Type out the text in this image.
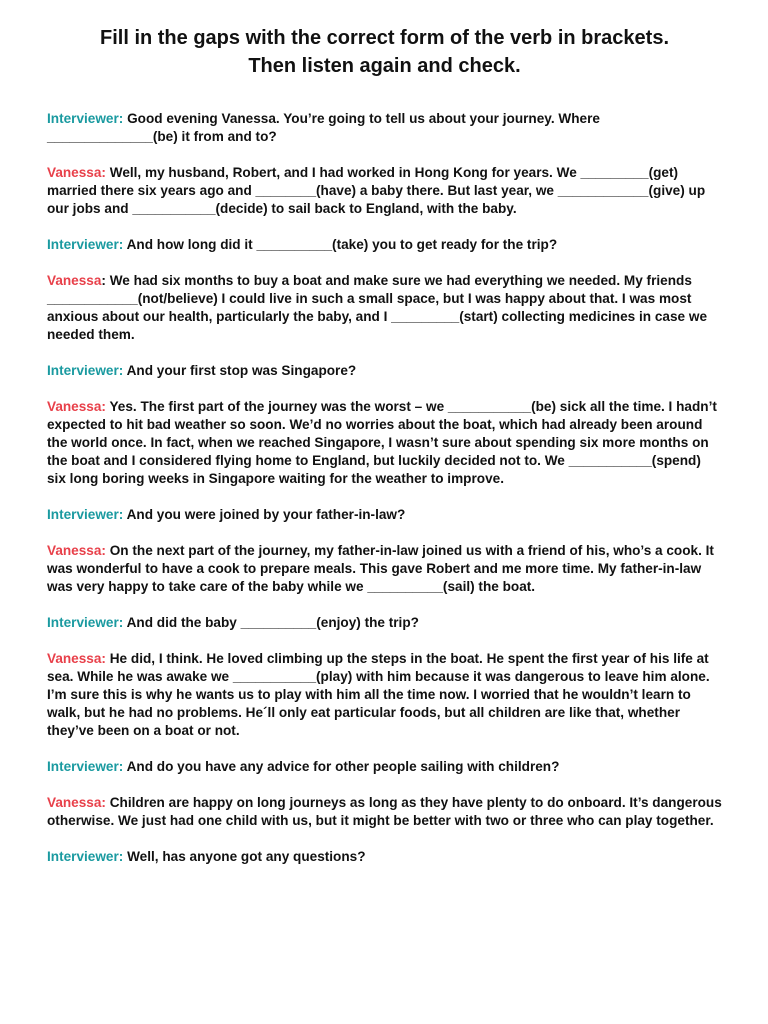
Fill in the gaps with the correct form of the verb in brackets. Then listen again and check.

Interviewer: Good evening Vanessa. You’re going to tell us about your journey. Where ______________(be) it from and to?

Vanessa: Well, my husband, Robert, and I had worked in Hong Kong for years. We _________(get) married there six years ago and ________(have) a baby there. But last year, we ____________(give) up our jobs and ___________(decide) to sail back to England, with the baby.

Interviewer: And how long did it __________(take) you to get ready for the trip?

Vanessa: We had six months to buy a boat and make sure we had everything we needed. My friends ____________(not/believe) I could live in such a small space, but I was happy about that. I was most anxious about our health, particularly the baby, and I _________(start) collecting medicines in case we needed them.

Interviewer: And your first stop was Singapore?

Vanessa: Yes. The first part of the journey was the worst – we ___________(be) sick all the time. I hadn’t expected to hit bad weather so soon. We’d no worries about the boat, which had already been around the world once. In fact, when we reached Singapore, I wasn’t sure about spending six more months on the boat and I considered flying home to England, but luckily decided not to. We ___________(spend) six long boring weeks in Singapore waiting for the weather to improve.

Interviewer: And you were joined by your father-in-law?

Vanessa: On the next part of the journey, my father-in-law joined us with a friend of his, who’s a cook. It was wonderful to have a cook to prepare meals. This gave Robert and me more time. My father-in-law was very happy to take care of the baby while we __________(sail) the boat.

Interviewer: And did the baby __________(enjoy) the trip?

Vanessa: He did, I think. He loved climbing up the steps in the boat. He spent the first year of his life at sea. While he was awake we ___________(play) with him because it was dangerous to leave him alone. I’m sure this is why he wants us to play with him all the time now. I worried that he wouldn’t learn to walk, but he had no problems. He´ll only eat particular foods, but all children are like that, whether they’ve been on a boat or not.

Interviewer: And do you have any advice for other people sailing with children?

Vanessa: Children are happy on long journeys as long as they have plenty to do onboard. It’s dangerous otherwise. We just had one child with us, but it might be better with two or three who can play together.

Interviewer: Well, has anyone got any questions?
